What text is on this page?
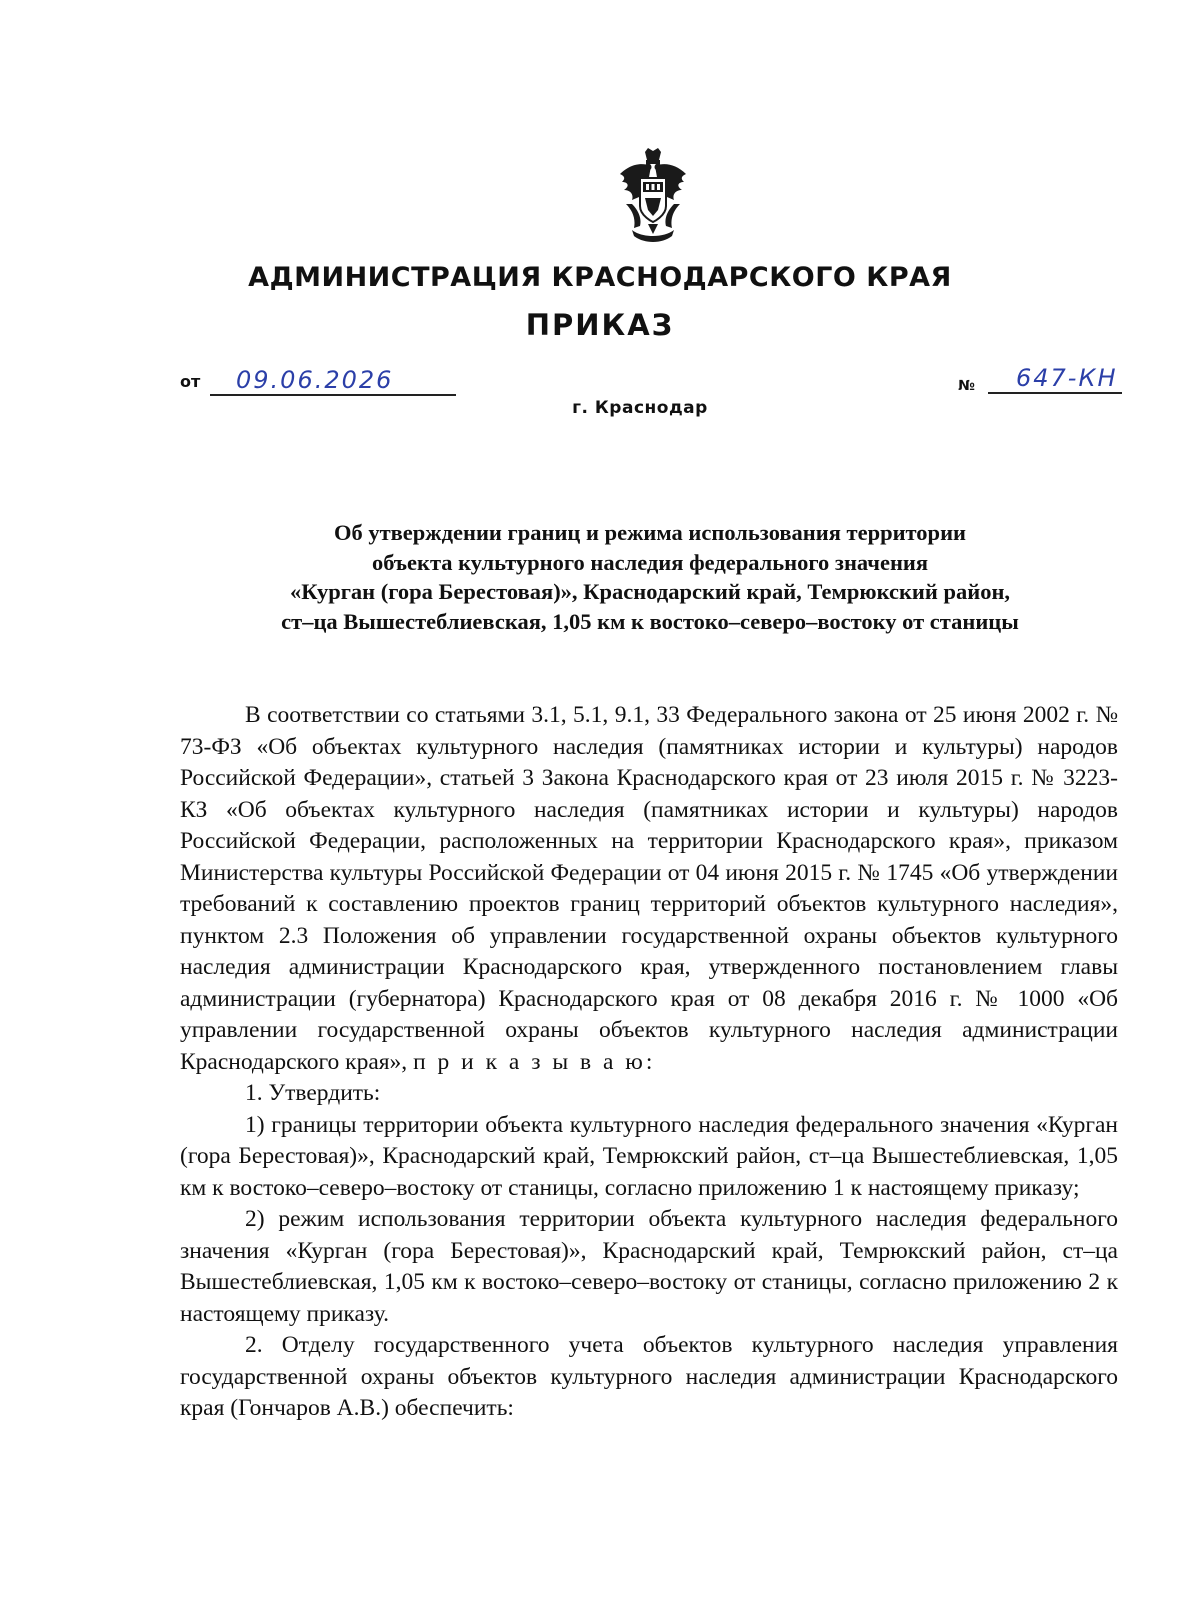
АДМИНИСТРАЦИЯ КРАСНОДАРСКОГО КРАЯ
ПРИКАЗ
от 09.06.2026	№ 647-КН
г. Краснодар
Об утверждении границ и режима использования территории
объекта культурного наследия федерального значения
«Курган (гора Берестовая)», Краснодарский край, Темрюкский район,
ст–ца Вышестеблиевская, 1,05 км к востоко–северо–востоку от станицы

В соответствии со статьями 3.1, 5.1, 9.1, 33 Федерального закона от 25 июня 2002 г. № 73-ФЗ «Об объектах культурного наследия (памятниках истории и культуры) народов Российской Федерации», статьей 3 Закона Краснодарского края от 23 июля 2015 г. № 3223-КЗ «Об объектах культурного наследия (памятниках истории и культуры) народов Российской Федерации, расположенных на территории Краснодарского края», приказом Министерства культуры Российской Федерации от 04 июня 2015 г. № 1745 «Об утверждении требований к составлению проектов границ территорий объектов культурного наследия», пунктом 2.3 Положения об управлении государственной охраны объектов культурного наследия администрации Краснодарского края, утвержденного постановлением главы администрации (губернатора) Краснодарского края от 08 декабря 2016 г. № 1000 «Об управлении государственной охраны объектов культурного наследия администрации Краснодарского края», п р и к а з ы в а ю:

1. Утвердить:

1) границы территории объекта культурного наследия федерального значения «Курган (гора Берестовая)», Краснодарский край, Темрюкский район, ст–ца Вышестеблиевская, 1,05 км к востоко–северо–востоку от станицы, согласно приложению 1 к настоящему приказу;

2) режим использования территории объекта культурного наследия федерального значения «Курган (гора Берестовая)», Краснодарский край, Темрюкский район, ст–ца Вышестеблиевская, 1,05 км к востоко–северо–востоку от станицы, согласно приложению 2 к настоящему приказу.

2. Отделу государственного учета объектов культурного наследия управления государственной охраны объектов культурного наследия администрации Краснодарского края (Гончаров А.В.) обеспечить:
